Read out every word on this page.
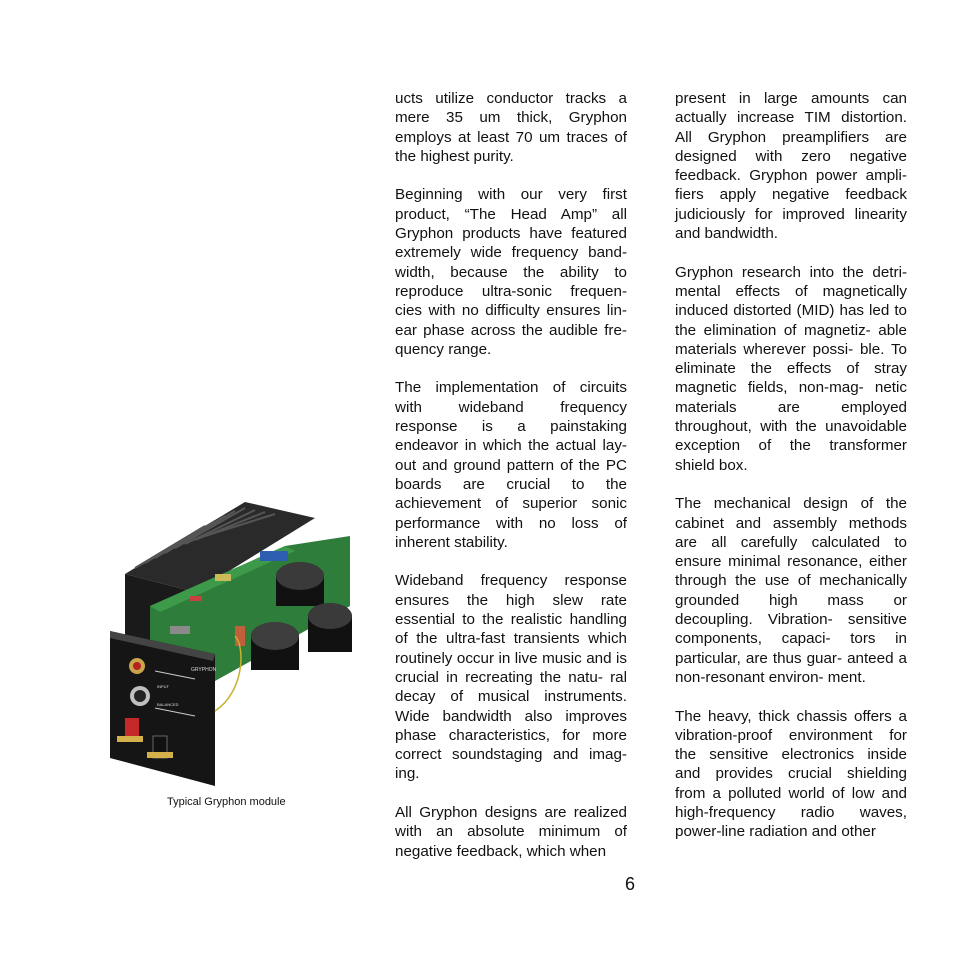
GRYPHON
INPUT
BALANCED
Typical Gryphon module

ucts utilize conductor tracks a mere 35 um thick, Gryphon employs at least 70 um traces of the highest purity.

Beginning with our very first product, “The Head Amp” all Gryphon products have featured extremely wide frequency band- width, because the ability to reproduce ultra-sonic frequen- cies with no difficulty ensures lin- ear phase across the audible fre- quency range.

The implementation of circuits with wideband frequency response is a painstaking endeavor in which the actual lay- out and ground pattern of the PC boards are crucial to the achievement of superior sonic performance with no loss of inherent stability.

Wideband frequency response ensures the high slew rate essential to the realistic handling of the ultra-fast transients which routinely occur in live music and is crucial in recreating the natu- ral decay of musical instruments. Wide bandwidth also improves phase characteristics, for more correct soundstaging and imag- ing.

All Gryphon designs are realized with an absolute minimum of negative feedback, which when

present in large amounts can actually increase TIM distortion. All Gryphon preamplifiers are designed with zero negative feedback. Gryphon power ampli- fiers apply negative feedback judiciously for improved linearity and bandwidth.

Gryphon research into the detri- mental effects of magnetically induced distorted (MID) has led to the elimination of magnetiz- able materials wherever possi- ble. To eliminate the effects of stray magnetic fields, non-mag- netic materials are employed throughout, with the unavoidable exception of the transformer shield box.

The mechanical design of the cabinet and assembly methods are all carefully calculated to ensure minimal resonance, either through the use of mechanically grounded high mass or decoupling. Vibration- sensitive components, capaci- tors in particular, are thus guar- anteed a non-resonant environ- ment.

The heavy, thick chassis offers a vibration-proof environment for the sensitive electronics inside and provides crucial shielding from a polluted world of low and high-frequency radio waves, power-line radiation and other

6
